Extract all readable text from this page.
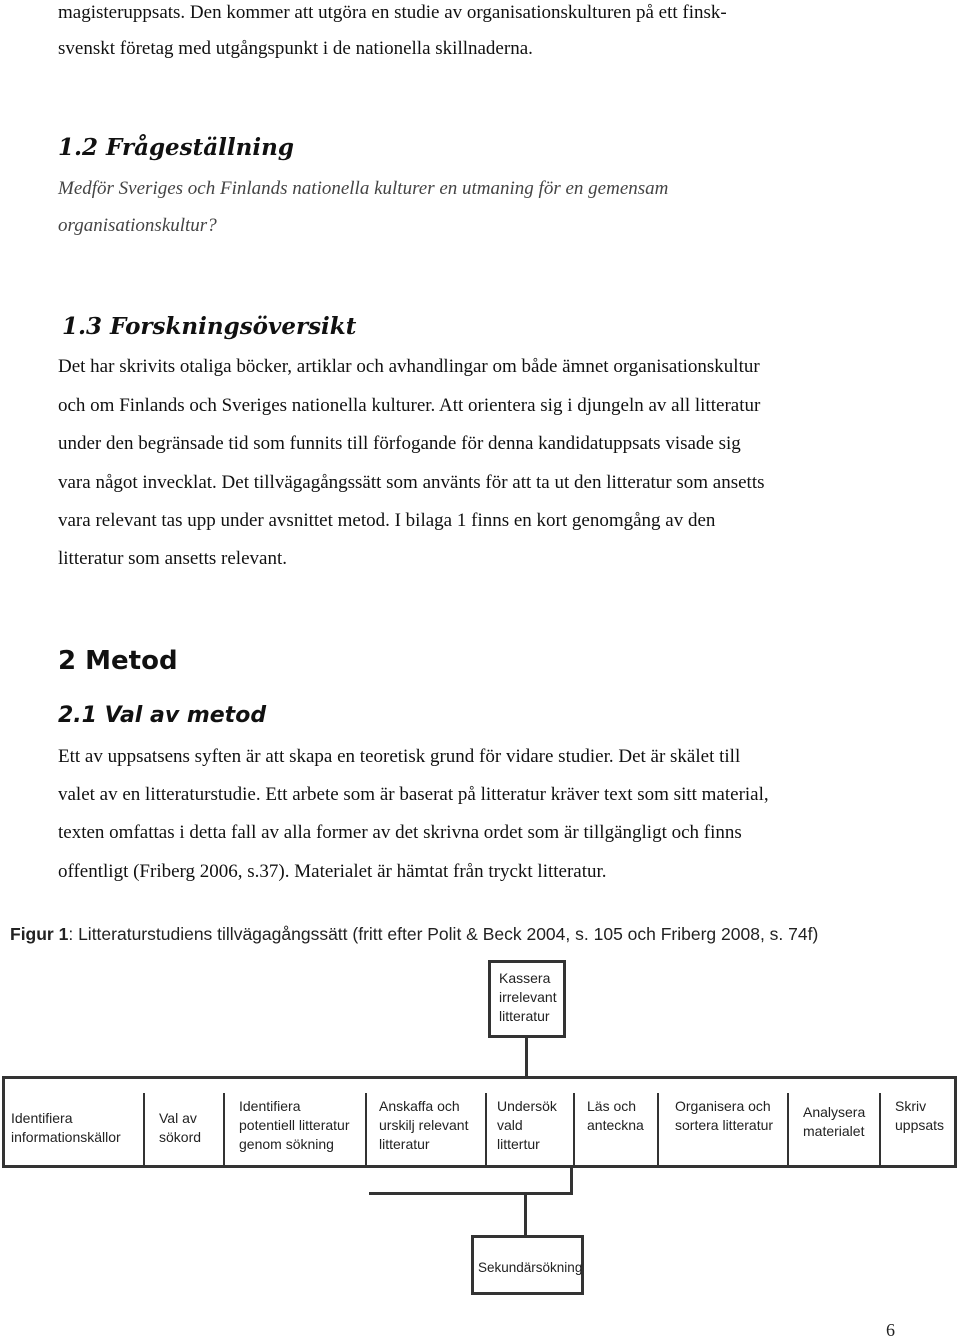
magisteruppsats. Den kommer att utgöra en studie av organisationskulturen på ett finsk-

svenskt företag med utgångspunkt i de nationella skillnaderna.

1.2 Frågeställning

Medför Sveriges och Finlands nationella kulturer en utmaning för en gemensam

organisationskultur?

1.3 Forskningsöversikt

Det har skrivits otaliga böcker, artiklar och avhandlingar om både ämnet organisationskultur

och om Finlands och Sveriges nationella kulturer. Att orientera sig i djungeln av all litteratur

under den begränsade tid som funnits till förfogande för denna kandidatuppsats visade sig

vara något invecklat. Det tillvägagångssätt som använts för att ta ut den litteratur som ansetts

vara relevant tas upp under avsnittet metod. I bilaga 1 finns en kort genomgång av den

litteratur som ansetts relevant.

2 Metod
2.1 Val av metod

Ett av uppsatsens syften är att skapa en teoretisk grund för vidare studier. Det är skälet till

valet av en litteraturstudie. Ett arbete som är baserat på litteratur kräver text som sitt material,

texten omfattas i detta fall av alla former av det skrivna ordet som är tillgängligt och finns

offentligt (Friberg 2006, s.37). Materialet är hämtat från tryckt litteratur.

Figur 1: Litteraturstudiens tillvägagångssätt (fritt efter Polit & Beck 2004, s. 105 och Friberg 2008, s. 74f)

Kassera
irrelevant
litteratur
Identifiera
informationskällor
Val av
sökord
Identifiera
potentiell litteratur
genom sökning
Anskaffa och
urskilj relevant
litteratur
Undersök
vald
littertur
Läs och
anteckna
Organisera och
sortera litteratur
Analysera
materialet
Skriv
uppsats
Sekundärsökning

6
